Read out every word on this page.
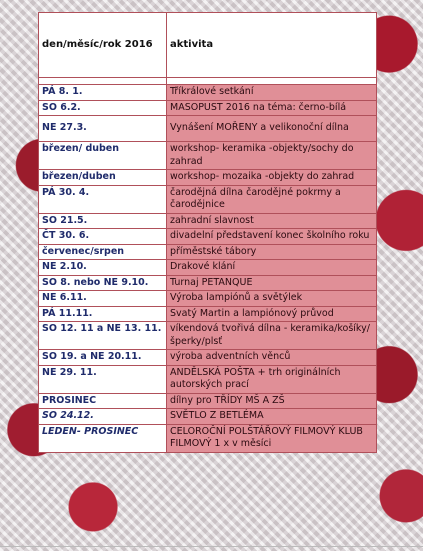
den/měsíc/rok 2016	aktivita

PÁ 8. 1.	Tříkrálové setkání
SO 6.2.	MASOPUST 2016 na téma: černo-bílá
NE 27.3.	Vynášení MOŘENY a velikonoční dílna
březen/ duben	workshop- keramika -objekty/sochy do zahrad
březen/duben	workshop- mozaika -objekty do zahrad
PÁ 30. 4.	čarodějná dílna čarodějné pokrmy a čarodějnice
SO 21.5.	zahradní slavnost
ČT 30. 6.	divadelní představení konec školního roku
červenec/srpen	příměstské tábory
NE 2.10.	Drakové klání
SO 8. nebo NE 9.10.	Turnaj PETANQUE
NE 6.11.	Výroba lampiónů a světýlek
PÁ 11.11.	Svatý Martin a lampiónový průvod
SO 12. 11 a NE 13. 11.	víkendová tvořivá dílna - keramika/košíky/šperky/plsť
SO 19. a NE 20.11.	výroba adventních věnců
NE 29. 11.	ANDĚLSKÁ POŠTA + trh originálních autorských prací
PROSINEC	dílny pro TŘÍDY MŠ A ZŠ
SO 24.12.	SVĚTLO Z BETLÉMA
LEDEN- PROSINEC	CELOROČNÍ POLŠTÁŘOVÝ FILMOVÝ KLUB FILMOVÝ 1 x v měsíci
